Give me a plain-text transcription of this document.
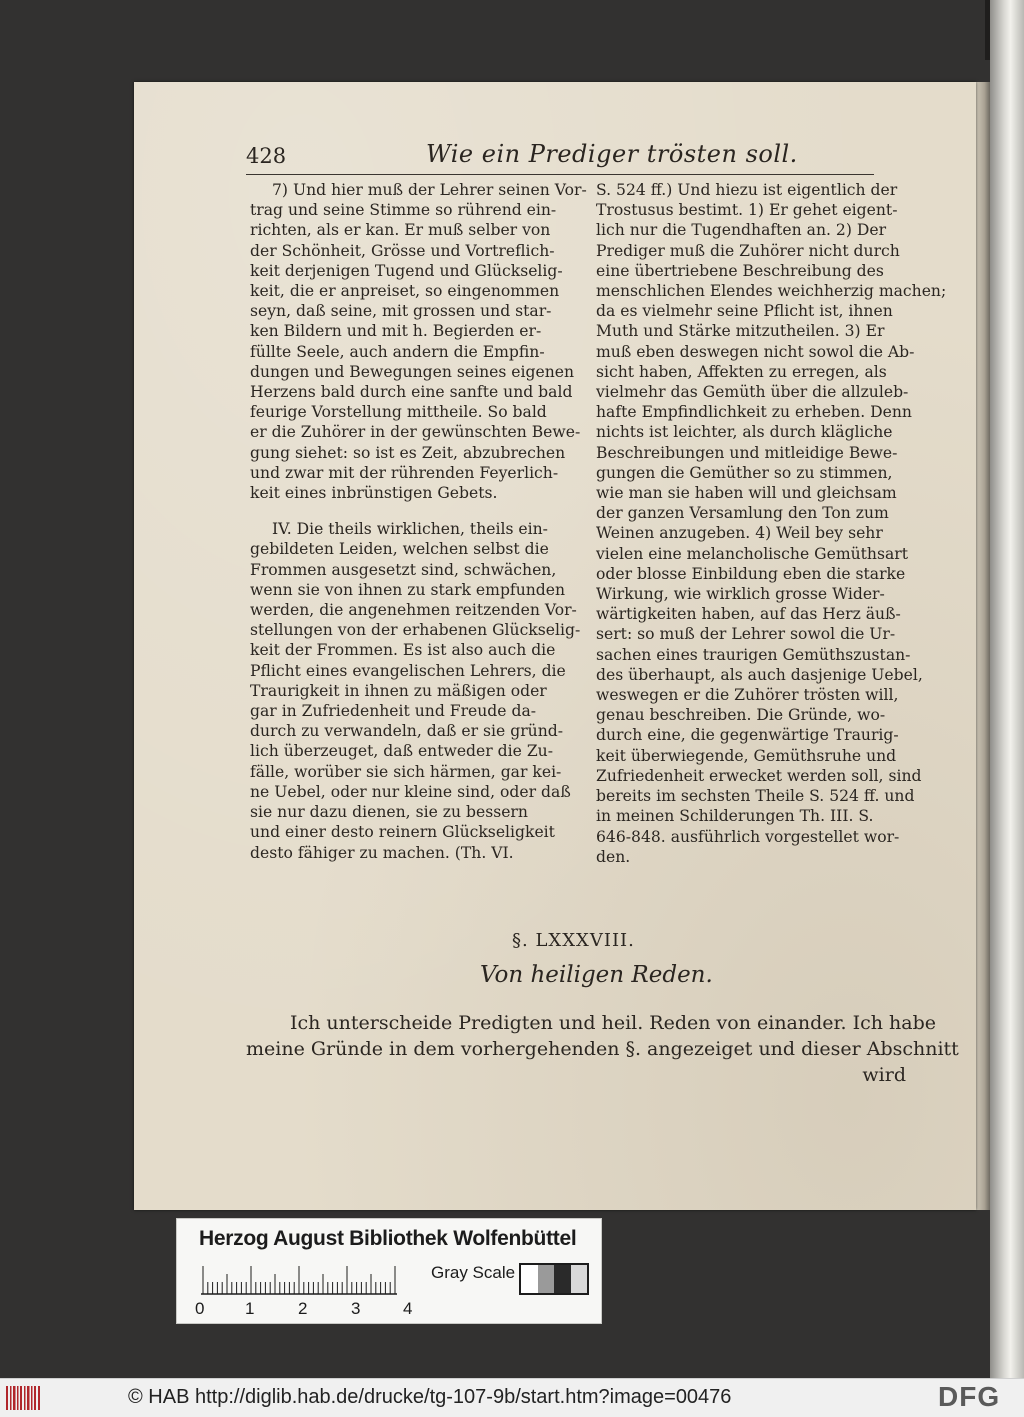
428	Wie ein Prediger trösten soll.
7) Und hier muß der Lehrer seinen Vor-
trag und seine Stimme so rührend ein-
richten, als er kan. Er muß selber von
der Schönheit, Grösse und Vortreflich-
keit derjenigen Tugend und Glückselig-
keit, die er anpreiset, so eingenommen
seyn, daß seine, mit grossen und star-
ken Bildern und mit h. Begierden er-
füllte Seele, auch andern die Empfin-
dungen und Bewegungen seines eigenen
Herzens bald durch eine sanfte und bald
feurige Vorstellung mittheile. So bald
er die Zuhörer in der gewünschten Bewe-
gung siehet: so ist es Zeit, abzubrechen
und zwar mit der rührenden Feyerlich-
keit eines inbrünstigen Gebets.
IV. Die theils wirklichen, theils ein-
gebildeten Leiden, welchen selbst die
Frommen ausgesetzt sind, schwächen,
wenn sie von ihnen zu stark empfunden
werden, die angenehmen reitzenden Vor-
stellungen von der erhabenen Glückselig-
keit der Frommen. Es ist also auch die
Pflicht eines evangelischen Lehrers, die
Traurigkeit in ihnen zu mäßigen oder
gar in Zufriedenheit und Freude da-
durch zu verwandeln, daß er sie gründ-
lich überzeuget, daß entweder die Zu-
fälle, worüber sie sich härmen, gar kei-
ne Uebel, oder nur kleine sind, oder daß
sie nur dazu dienen, sie zu bessern
und einer desto reinern Glückseligkeit
desto fähiger zu machen. (Th. VI.
S. 524 ff.) Und hiezu ist eigentlich der
Trostusus bestimt. 1) Er gehet eigent-
lich nur die Tugendhaften an. 2) Der
Prediger muß die Zuhörer nicht durch
eine übertriebene Beschreibung des
menschlichen Elendes weichherzig machen;
da es vielmehr seine Pflicht ist, ihnen
Muth und Stärke mitzutheilen. 3) Er
muß eben deswegen nicht sowol die Ab-
sicht haben, Affekten zu erregen, als
vielmehr das Gemüth über die allzuleb-
hafte Empfindlichkeit zu erheben. Denn
nichts ist leichter, als durch klägliche
Beschreibungen und mitleidige Bewe-
gungen die Gemüther so zu stimmen,
wie man sie haben will und gleichsam
der ganzen Versamlung den Ton zum
Weinen anzugeben. 4) Weil bey sehr
vielen eine melancholische Gemüthsart
oder blosse Einbildung eben die starke
Wirkung, wie wirklich grosse Wider-
wärtigkeiten haben, auf das Herz äuß-
sert: so muß der Lehrer sowol die Ur-
sachen eines traurigen Gemüthszustan-
des überhaupt, als auch dasjenige Uebel,
weswegen er die Zuhörer trösten will,
genau beschreiben. Die Gründe, wo-
durch eine, die gegenwärtige Traurig-
keit überwiegende, Gemüthsruhe und
Zufriedenheit erwecket werden soll, sind
bereits im sechsten Theile S. 524 ff. und
in meinen Schilderungen Th. III. S.
646-848. ausführlich vorgestellet wor-
den.
§. LXXXVIII.
Von heiligen Reden.
Ich unterscheide Predigten und heil. Reden von einander. Ich habe
meine Gründe in dem vorhergehenden §. angezeiget und dieser Abschnitt
wird
Herzog August Bibliothek Wolfenbüttel
Gray Scale
0 1	2	3	4
© HAB http://diglib.hab.de/drucke/tg-107-9b/start.htm?image=00476	DFG
